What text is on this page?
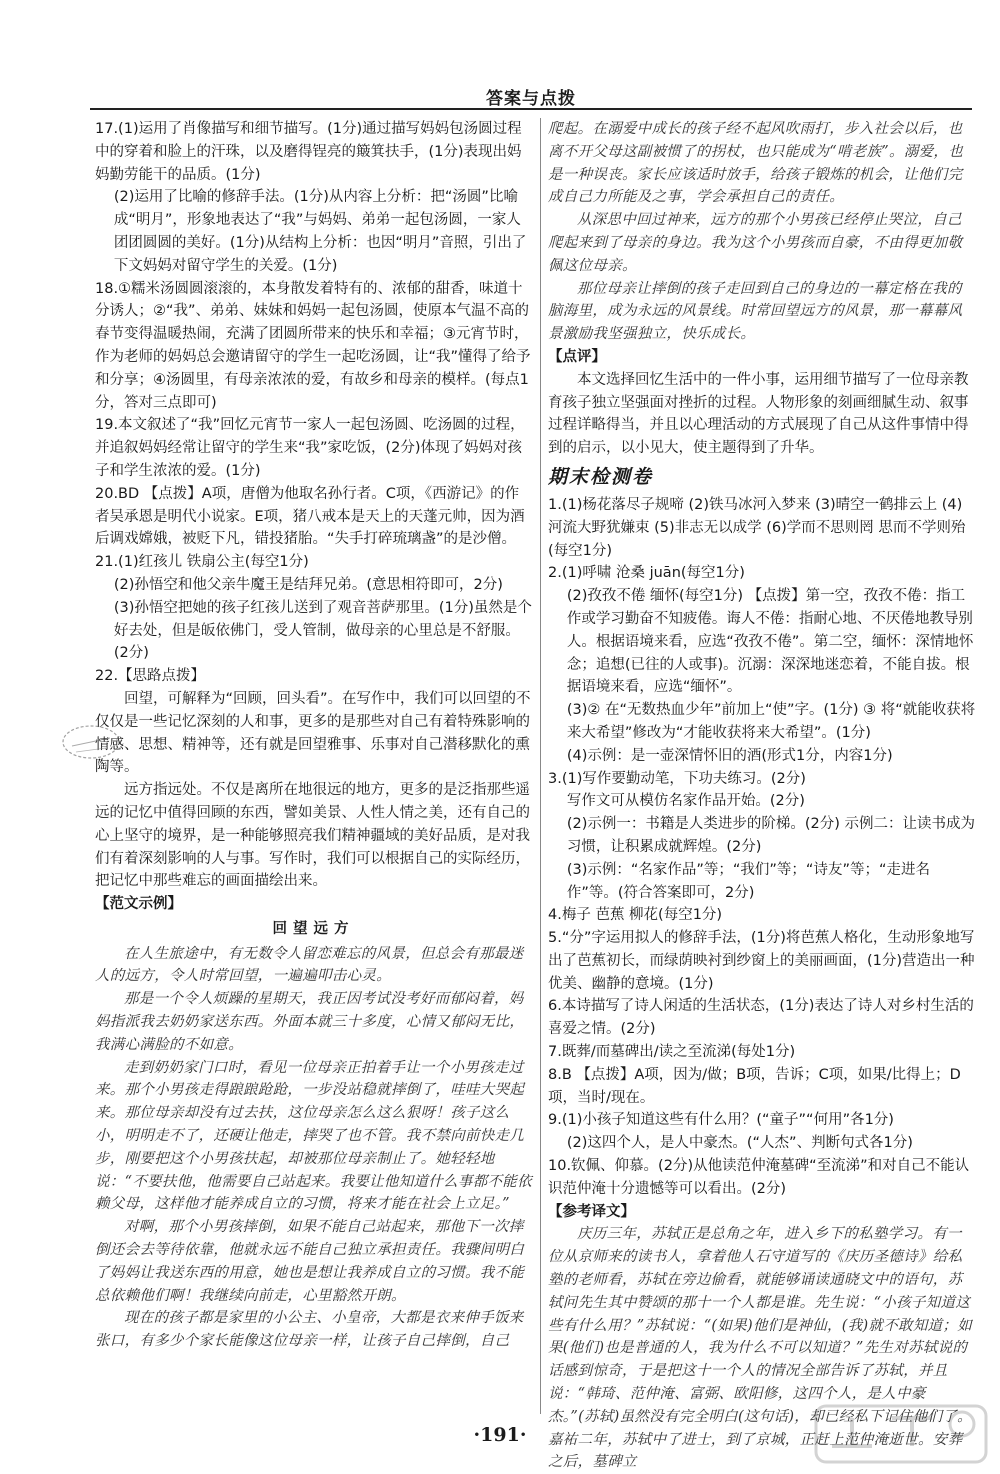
答案与点拨

17.(1)运用了肖像描写和细节描写。(1分)通过描写妈妈包汤圆过程中的穿着和脸上的汗珠，以及磨得锃亮的簸箕扶手，(1分)表现出妈妈勤劳能干的品质。(1分)

(2)运用了比喻的修辞手法。(1分)从内容上分析：把“汤圆”比喻成“明月”，形象地表达了“我”与妈妈、弟弟一起包汤圆，一家人团团圆圆的美好。(1分)从结构上分析：也因“明月”音照，引出了下文妈妈对留守学生的关爱。(1分)

18.①糯米汤圆圆滚滚的，本身散发着特有的、浓郁的甜香，味道十分诱人；②“我”、弟弟、妹妹和妈妈一起包汤圆，使原本气温不高的春节变得温暖热闹，充满了团圆所带来的快乐和幸福；③元宵节时，作为老师的妈妈总会邀请留守的学生一起吃汤圆，让“我”懂得了给予和分享；④汤圆里，有母亲浓浓的爱，有故乡和母亲的模样。(每点1分，答对三点即可)

19.本文叙述了“我”回忆元宵节一家人一起包汤圆、吃汤圆的过程，并追叙妈妈经常让留守的学生来“我”家吃饭，(2分)体现了妈妈对孩子和学生浓浓的爱。(1分)

20.BD 【点拨】A项，唐僧为他取名孙行者。C项，《西游记》的作者吴承恩是明代小说家。E项，猪八戒本是天上的天蓬元帅，因为酒后调戏嫦娥，被贬下凡，错投猪胎。“失手打碎琉璃盏”的是沙僧。

21.(1)红孩儿 铁扇公主(每空1分)

(2)孙悟空和他父亲牛魔王是结拜兄弟。(意思相符即可，2分)

(3)孙悟空把她的孩子红孩儿送到了观音菩萨那里。(1分)虽然是个好去处，但是皈依佛门，受人管制，做母亲的心里总是不舒服。(2分)

22.【思路点拨】

回望，可解释为“回顾，回头看”。在写作中，我们可以回望的不仅仅是一些记忆深刻的人和事，更多的是那些对自己有着特殊影响的情感、思想、精神等，还有就是回望雅事、乐事对自己潜移默化的熏陶等。

远方指远处。不仅是离所在地很远的地方，更多的是泛指那些遥远的记忆中值得回顾的东西，譬如美景、人性人情之美，还有自己的心上坚守的境界，是一种能够照亮我们精神疆域的美好品质，是对我们有着深刻影响的人与事。写作时，我们可以根据自己的实际经历，把记忆中那些难忘的画面描绘出来。

【范文示例】

回望远方

在人生旅途中，有无数令人留恋难忘的风景，但总会有那最迷人的远方，令人时常回望，一遍遍叩击心灵。

那是一个令人烦躁的星期天，我正因考试没考好而郁闷着，妈妈指派我去奶奶家送东西。外面本就三十多度，心情又郁闷无比，我满心满脸的不如意。

走到奶奶家门口时，看见一位母亲正拍着手让一个小男孩走过来。那个小男孩走得踉踉跄跄，一步没站稳就摔倒了，哇哇大哭起来。那位母亲却没有过去扶，这位母亲怎么这么狠呀！孩子这么小，明明走不了，还硬让他走，摔哭了也不管。我不禁向前快走几步，刚要把这个小男孩扶起，却被那位母亲制止了。她轻轻地说：“不要扶他，他需要自己站起来。我要让他知道什么事都不能依赖父母，这样他才能养成自立的习惯，将来才能在社会上立足。”

对啊，那个小男孩摔倒，如果不能自己站起来，那他下一次摔倒还会去等待依靠，他就永远不能自己独立承担责任。我骤间明白了妈妈让我送东西的用意，她也是想让我养成自立的习惯。我不能总依赖他们啊！我继续向前走，心里豁然开朗。

现在的孩子都是家里的小公主、小皇帝，大都是衣来伸手饭来张口，有多少个家长能像这位母亲一样，让孩子自己摔倒，自己

爬起。在溺爱中成长的孩子经不起风吹雨打，步入社会以后，也离不开父母这副被惯了的拐杖，也只能成为“啃老族”。溺爱，也是一种误丧。家长应该适时放手，给孩子锻炼的机会，让他们完成自己力所能及之事，学会承担自己的责任。

从深思中回过神来，远方的那个小男孩已经停止哭泣，自己爬起来到了母亲的身边。我为这个小男孩而自豪，不由得更加敬佩这位母亲。

那位母亲让摔倒的孩子走回到自己的身边的一幕定格在我的脑海里，成为永远的风景线。时常回望远方的风景，那一幕幕风景激励我坚强独立，快乐成长。

【点评】

本文选择回忆生活中的一件小事，运用细节描写了一位母亲教育孩子独立坚强面对挫折的过程。人物形象的刻画细腻生动、叙事过程详略得当，并且以心理活动的方式展现了自己从这件事情中得到的启示，以小见大，使主题得到了升华。

期末检测卷

1.(1)杨花落尽子规啼 (2)铁马冰河入梦来 (3)晴空一鹤排云上 (4)河流大野犹嫌束 (5)非志无以成学 (6)学而不思则罔 思而不学则殆(每空1分)

2.(1)呼啸 沧桑 juān(每空1分)

(2)孜孜不倦 缅怀(每空1分) 【点拨】第一空，孜孜不倦：指工作或学习勤奋不知疲倦。诲人不倦：指耐心地、不厌倦地教导别人。根据语境来看，应选“孜孜不倦”。第二空，缅怀：深情地怀念；追想(已往的人或事)。沉溺：深深地迷恋着，不能自拔。根据语境来看，应选“缅怀”。

(3)② 在“无数热血少年”前加上“使”字。(1分) ③ 将“就能收获将来大希望”修改为“才能收获将来大希望”。(1分)

(4)示例：是一壶深情怀旧的酒(形式1分，内容1分)

3.(1)写作要勤动笔，下功夫练习。(2分)

写作文可从模仿名家作品开始。(2分)

(2)示例一：书籍是人类进步的阶梯。(2分) 示例二：让读书成为习惯，让积累成就辉煌。(2分)

(3)示例：“名家作品”等；“我们”等；“诗友”等；“走进名作”等。(符合答案即可，2分)

4.梅子 芭蕉 柳花(每空1分)

5.“分”字运用拟人的修辞手法，(1分)将芭蕉人格化，生动形象地写出了芭蕉初长，而绿荫映衬到纱窗上的美丽画面，(1分)营造出一种优美、幽静的意境。(1分)

6.本诗描写了诗人闲适的生活状态，(1分)表达了诗人对乡村生活的喜爱之情。(2分)

7.既葬/而墓碑出/读之至流涕(每处1分)

8.B 【点拨】A项，因为/做；B项，告诉；C项，如果/比得上；D项，当时/现在。

9.(1)小孩子知道这些有什么用？(“童子”“何用”各1分)

(2)这四个人，是人中豪杰。(“人杰”、判断句式各1分)

10.钦佩、仰慕。(2分)从他读范仲淹墓碑“至流涕”和对自己不能认识范仲淹十分遗憾等可以看出。(2分)

【参考译文】

庆历三年，苏轼正是总角之年，进入乡下的私塾学习。有一位从京师来的读书人，拿着他人石守道写的《庆历圣德诗》给私塾的老师看，苏轼在旁边偷看，就能够诵读通晓文中的语句，苏轼问先生其中赞颂的那十一个人都是谁。先生说：“小孩子知道这些有什么用？”苏轼说：“(如果)他们是神仙，(我)就不敢知道；如果(他们)也是普通的人，我为什么不可以知道？”先生对苏轼说的话感到惊奇，于是把这十一个人的情况全部告诉了苏轼，并且说：“韩琦、范仲淹、富弼、欧阳修，这四个人，是人中豪杰。”(苏轼)虽然没有完全明白(这句话)，却已经私下记住他们了。嘉祐二年，苏轼中了进士，到了京城，正赶上范仲淹逝世。安葬之后，墓碑立

·191·
